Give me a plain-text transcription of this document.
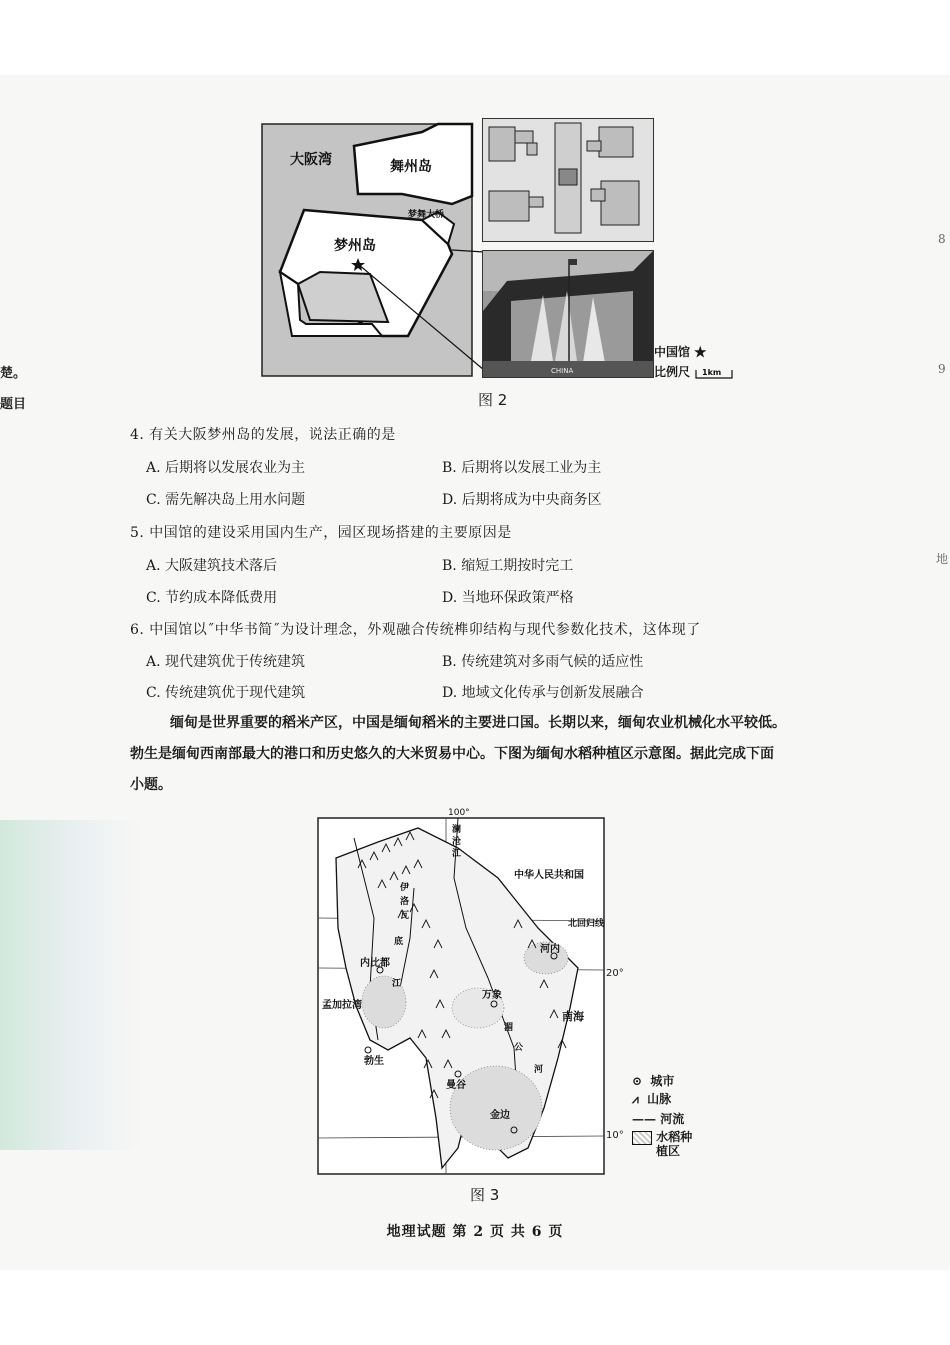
楚。
题目
8
9
地
大阪湾	舞州岛
梦舞大桥
梦州岛
CHINA
中国馆 ★
比例尺 1km
图 2
4. 有关大阪梦州岛的发展，说法正确的是
A. 后期将以发展农业为主	B. 后期将以发展工业为主
C. 需先解决岛上用水问题	D. 后期将成为中央商务区
5. 中国馆的建设采用国内生产，园区现场搭建的主要原因是
A. 大阪建筑技术落后	B. 缩短工期按时完工
C. 节约成本降低费用	D. 当地环保政策严格
6. 中国馆以˝中华书简˝为设计理念，外观融合传统榫卯结构与现代参数化技术，这体现了
A. 现代建筑优于传统建筑	B. 传统建筑对多雨气候的适应性
C. 传统建筑优于现代建筑	D. 地域文化传承与创新发展融合
缅甸是世界重要的稻米产区，中国是缅甸稻米的主要进口国。长期以来，缅甸农业机械化水平较低。
勃生是缅甸西南部最大的港口和历史悠久的大米贸易中心。下图为缅甸水稻种植区示意图。据此完成下面
小题。
100°
中华人民共和国
北回归线
内比都
河内
万象
孟加拉湾
南海
勃生
曼谷
金边
澜
沧
江
伊
洛
瓦
底
江
湄
公
河
20°
10°
⊙ 城市
⩘ 山脉
—— 河流
水稻种
植区
图 3
地理试题 第 2 页 共 6 页
